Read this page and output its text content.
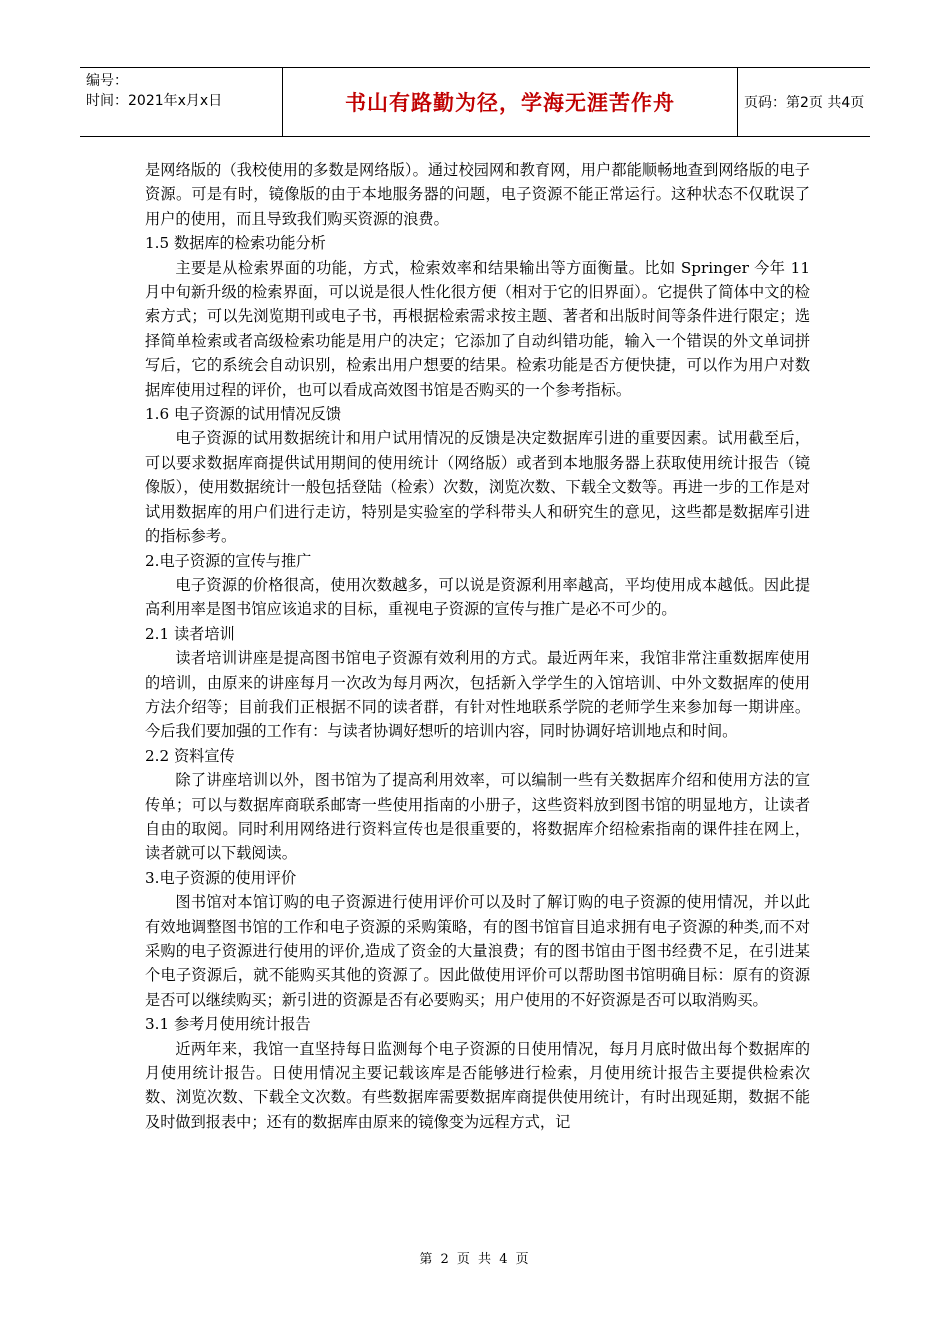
编号：
时间：2021年x月x日	书山有路勤为径，学海无涯苦作舟	页码：第2页 共4页

是网络版的（我校使用的多数是网络版）。通过校园网和教育网，用户都能顺畅地查到网络版的电子资源。可是有时，镜像版的由于本地服务器的问题，电子资源不能正常运行。这种状态不仅耽误了用户的使用，而且导致我们购买资源的浪费。

1.5 数据库的检索功能分析

主要是从检索界面的功能，方式，检索效率和结果输出等方面衡量。比如 Springer 今年 11 月中旬新升级的检索界面，可以说是很人性化很方便（相对于它的旧界面）。它提供了简体中文的检索方式；可以先浏览期刊或电子书，再根据检索需求按主题、著者和出版时间等条件进行限定；选择简单检索或者高级检索功能是用户的决定；它添加了自动纠错功能，输入一个错误的外文单词拼写后，它的系统会自动识别，检索出用户想要的结果。检索功能是否方便快捷，可以作为用户对数据库使用过程的评价，也可以看成高效图书馆是否购买的一个参考指标。

1.6 电子资源的试用情况反馈

电子资源的试用数据统计和用户试用情况的反馈是决定数据库引进的重要因素。试用截至后，可以要求数据库商提供试用期间的使用统计（网络版）或者到本地服务器上获取使用统计报告（镜像版），使用数据统计一般包括登陆（检索）次数，浏览次数、下载全文数等。再进一步的工作是对试用数据库的用户们进行走访，特别是实验室的学科带头人和研究生的意见，这些都是数据库引进的指标参考。

2.电子资源的宣传与推广

电子资源的价格很高，使用次数越多，可以说是资源利用率越高，平均使用成本越低。因此提高利用率是图书馆应该追求的目标，重视电子资源的宣传与推广是必不可少的。

2.1 读者培训

读者培训讲座是提高图书馆电子资源有效利用的方式。最近两年来，我馆非常注重数据库使用的培训，由原来的讲座每月一次改为每月两次，包括新入学学生的入馆培训、中外文数据库的使用方法介绍等；目前我们正根据不同的读者群，有针对性地联系学院的老师学生来参加每一期讲座。今后我们要加强的工作有：与读者协调好想听的培训内容，同时协调好培训地点和时间。

2.2 资料宣传

除了讲座培训以外，图书馆为了提高利用效率，可以编制一些有关数据库介绍和使用方法的宣传单；可以与数据库商联系邮寄一些使用指南的小册子，这些资料放到图书馆的明显地方，让读者自由的取阅。同时利用网络进行资料宣传也是很重要的，将数据库介绍检索指南的课件挂在网上，读者就可以下载阅读。

3.电子资源的使用评价

图书馆对本馆订购的电子资源进行使用评价可以及时了解订购的电子资源的使用情况，并以此有效地调整图书馆的工作和电子资源的采购策略，有的图书馆盲目追求拥有电子资源的种类,而不对采购的电子资源进行使用的评价,造成了资金的大量浪费；有的图书馆由于图书经费不足，在引进某个电子资源后，就不能购买其他的资源了。因此做使用评价可以帮助图书馆明确目标：原有的资源是否可以继续购买；新引进的资源是否有必要购买；用户使用的不好资源是否可以取消购买。

3.1 参考月使用统计报告

近两年来，我馆一直坚持每日监测每个电子资源的日使用情况，每月月底时做出每个数据库的月使用统计报告。日使用情况主要记载该库是否能够进行检索，月使用统计报告主要提供检索次数、浏览次数、下载全文次数。有些数据库需要数据库商提供使用统计，有时出现延期，数据不能及时做到报表中；还有的数据库由原来的镜像变为远程方式，记

第 2 页 共 4 页
